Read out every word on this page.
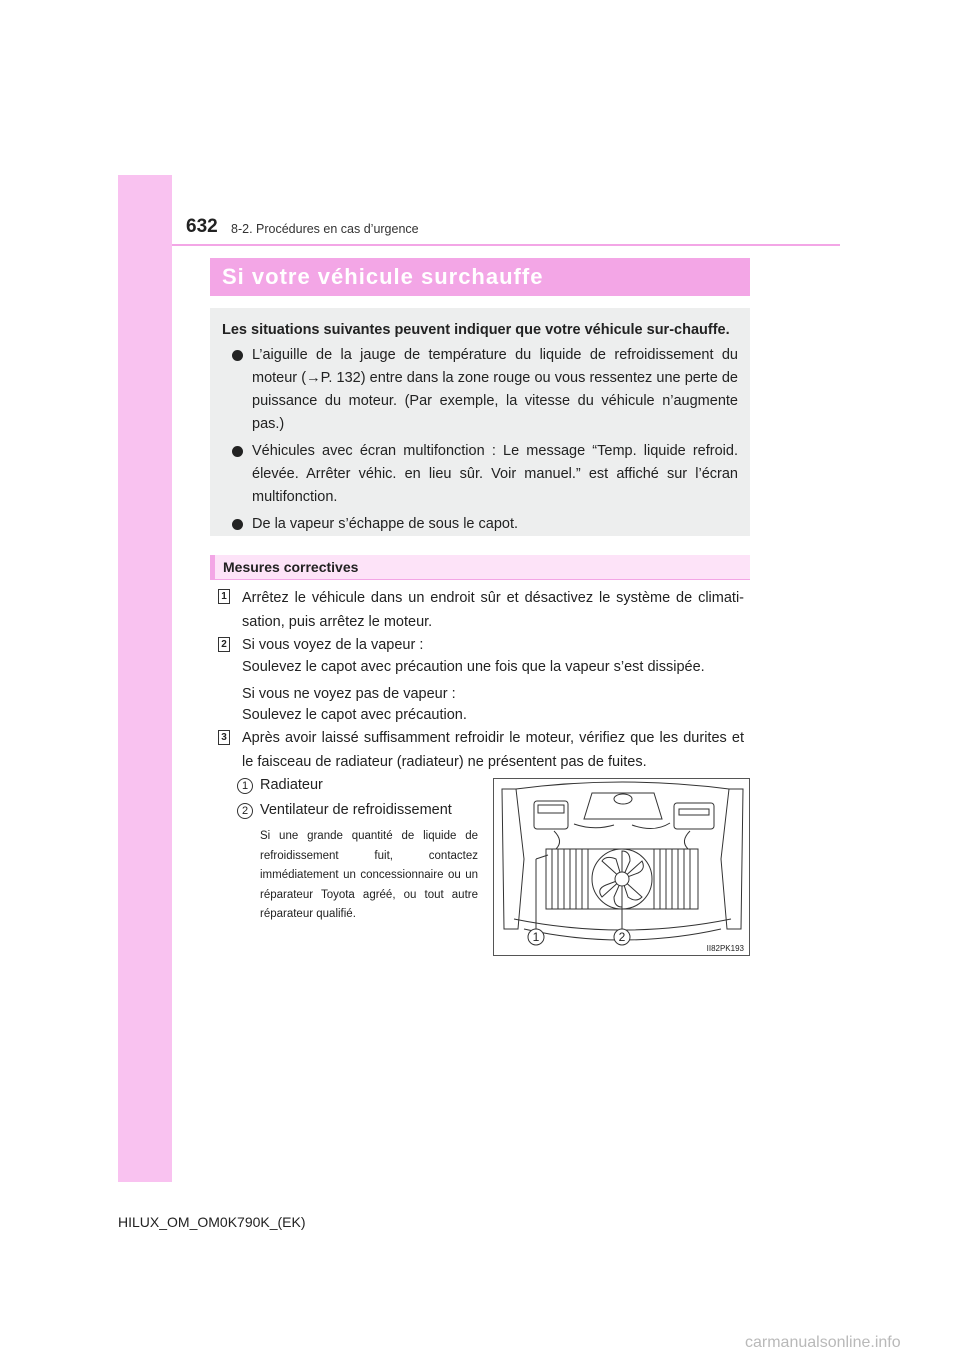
632 8-2. Procédures en cas d’urgence
Si votre véhicule surchauffe

Les situations suivantes peuvent indiquer que votre véhicule sur-chauffe.

L’aiguille de la jauge de température du liquide de refroidissement du moteur (→P. 132) entre dans la zone rouge ou vous ressentez une perte de puissance du moteur. (Par exemple, la vitesse du véhicule n’augmente pas.)
Véhicules avec écran multifonction : Le message “Temp. liquide refroid. élevée. Arrêter véhic. en lieu sûr. Voir manuel.” est affiché sur l’écran multifonction.
De la vapeur s’échappe de sous le capot.
Mesures correctives
1 Arrêtez le véhicule dans un endroit sûr et désactivez le système de climati-sation, puis arrêtez le moteur.
2 Si vous voyez de la vapeur :
Soulevez le capot avec précaution une fois que la vapeur s’est dissipée.
Si vous ne voyez pas de vapeur :
Soulevez le capot avec précaution.
3 Après avoir laissé suffisamment refroidir le moteur, vérifiez que les durites et le faisceau de radiateur (radiateur) ne présentent pas de fuites.
1 Radiateur
2 Ventilateur de refroidissement
Si une grande quantité de liquide de refroidissement fuit, contactez immédiatement un concessionnaire ou un réparateur Toyota agréé, ou tout autre réparateur qualifié.
1	2
II82PK193
HILUX_OM_OM0K790K_(EK)
carmanualsonline.info
